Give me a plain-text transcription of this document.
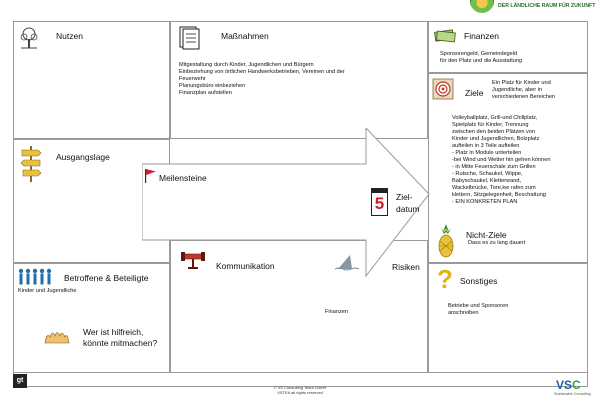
DER LÄNDLICHE RAUM FÜR ZUKUNFT
Nutzen	Maßnahmen
Mitgestaltung durch Kinder, Jugendlichen und Bürgern
Einbeziehung von örtlichen Handwerksbetrieben, Vereinen und der
Feuerwehr
Planungsbüro einbeziehen
Finanzplan aufstellen
Finanzen
Sponsorengeld, Gemeindegeld
für den Platz und die Ausstattung
Ziele
Ein Platz für Kinder und
Jugendliche, aber in
verschiedenen Bereichen
Volleyballplatz, Grill-und Chillplatz,
Spielplatz für Kinder, Trennung
zwischen den beiden Plätzen von
Kinder und Jugendlichen, Bolzplatz
aufteilen in 3 Teile aufteilen
- Platz in Module unterteilen
-bei Wind und Wetter hin gehen können
- in Mitte Feuerschale zum Grillen
- Rutsche, Schaukel, Wippe,
Babyschaukel, Kletterwand,
Wackelbrücke, Tore,kw rafen zum
klettern, Sitzgelegenheit, Beschattung
- EIN KONKRETEN PLAN
Nicht-Ziele
Dass es zu lang dauert
Ausgangslage
Meilensteine
5	Ziel-
datum
Kommunikation	Risiken
Finanzen
Betroffene & Beteiligte
Kinder und Jugendliche
Wer ist hilfreich,
könnte mitmachen?
? Sonstiges
Betriebe und Sponsoren
anschreiben
gt
© VS Consulting Team GmbH
VSTEA all rights reserved
VSC
Sustainable Consulting
